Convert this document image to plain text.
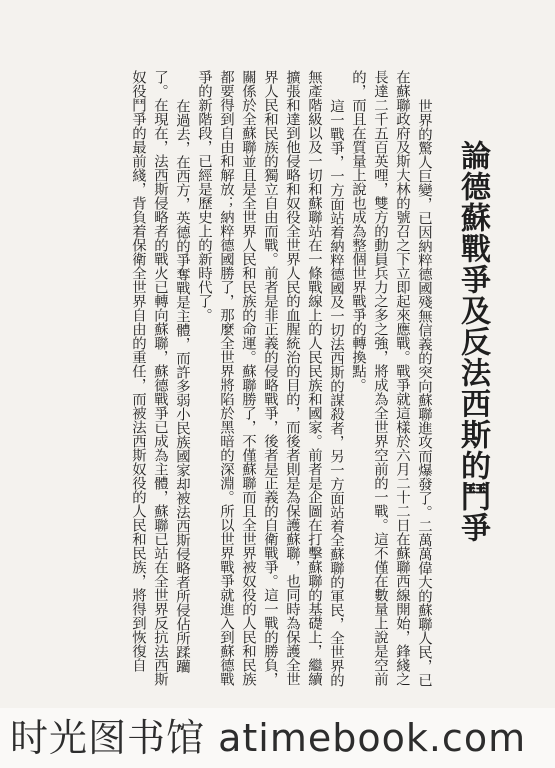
論德蘇戰爭及反法西斯的鬥爭

世界的驚人巨變，已因納粹德國殘無信義的突向蘇聯進攻而爆發了。二萬萬偉大的蘇聯人民，已在蘇聯政府及斯大林的號召之下立即起來應戰。戰爭就這樣於六月二十二日在蘇聯西線開始，鋒綫之長達二千五百英哩，雙方的動員兵力之多之強，將成為全世界空前的一戰。這不僅在數量上說是空前的，而且在質量上說也成為整個世界戰爭的轉換點。

這一戰爭，一方面站着納粹德國及一切法西斯的謀殺者，另一方面站着全蘇聯的軍民，全世界的無產階級以及一切和蘇聯站在一條戰線上的人民民族和國家。前者是企圖在打擊蘇聯的基礎上，繼續擴張和達到他侵略和奴役全世界人民的血腥統治的目的，而後者則是為保護蘇聯，也同時為保護全世界人民和民族的獨立自由而戰。前者是非正義的侵略戰爭，後者是正義的自衛戰爭。這一戰的勝負，關係於全蘇聯並且是全世界人民和民族的命運。蘇聯勝了，不僅蘇聯而且全世界被奴役的人民和民族都要得到自由和解放；納粹德國勝了，那麼全世界將陷於黑暗的深淵。所以世界戰爭就進入到蘇德戰爭的新階段，已經是歷史上的新時代了。

在過去，在西方，英德的爭奪戰是主體，而許多弱小民族國家却被法西斯侵略者所侵佔所蹂躪了。在現在，法西斯侵略者的戰火已轉向蘇聯，蘇德戰爭已成為主體，蘇聯已站在全世界反抗法西斯奴役鬥爭的最前綫，背負着保衛全世界自由的重任，而被法西斯奴役的人民和民族，將得到恢復自

时光图书馆 atimebook.com
